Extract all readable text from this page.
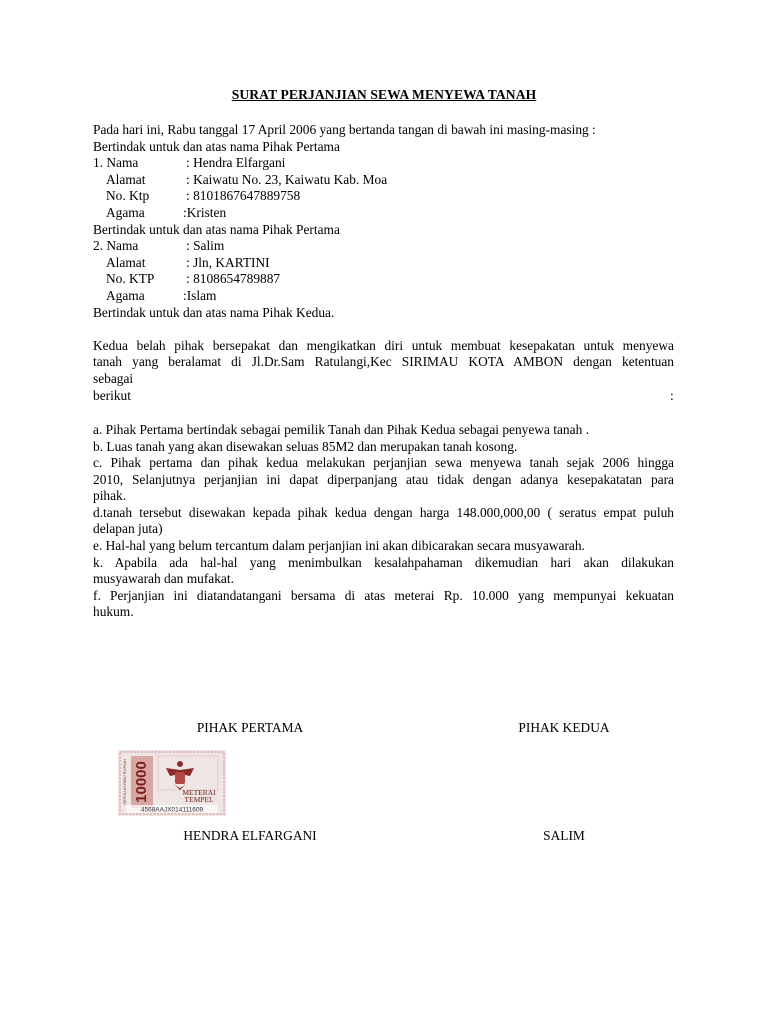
SURAT PERJANJIAN SEWA MENYEWA TANAH
Pada hari ini, Rabu tanggal 17 April 2006 yang bertanda tangan di bawah ini masing-masing :
Bertindak untuk dan atas nama Pihak Pertama
1. Nama	: Hendra Elfargani
Alamat	: Kaiwatu No. 23, Kaiwatu Kab. Moa
No. Ktp	: 8101867647889758
Agama	:Kristen
Bertindak untuk dan atas nama Pihak Pertama
2. Nama	: Salim
Alamat	: Jln, KARTINI
No. KTP : 8108654789887
Agama	:Islam
Bertindak untuk dan atas nama Pihak Kedua.
Kedua belah pihak bersepakat dan mengikatkan diri untuk membuat kesepakatan untuk menyewa
tanah yang beralamat di Jl.Dr.Sam Ratulangi,Kec SIRIMAU KOTA AMBON dengan ketentuan
sebagai
berikut	:
a. Pihak Pertama bertindak sebagai pemilik Tanah dan Pihak Kedua sebagai penyewa tanah .
b. Luas tanah yang akan disewakan seluas 85M2 dan merupakan tanah kosong.
c. Pihak pertama dan pihak kedua melakukan perjanjian sewa menyewa tanah sejak 2006 hingga
2010, Selanjutnya perjanjian ini dapat diperpanjang atau tidak dengan adanya kesepakatatan para
pihak.
d.tanah tersebut disewakan kepada pihak kedua dengan harga 148.000,000,00 ( seratus empat puluh
delapan juta)
e. Hal-hal yang belum tercantum dalam perjanjian ini akan dibicarakan secara musyawarah.
k. Apabila ada hal-hal yang menimbulkan kesalahpahaman dikemudian hari akan dilakukan
musyawarah dan mufakat.
f. Perjanjian ini diatandatangani bersama di atas meterai Rp. 10.000 yang mempunyai kekuatan
hukum.
PIHAK PERTAMA	PIHAK KEDUA
10000
SEPULUH RIBU RUPIAH	METERAI
TEMPEL
4568AAJX014111609
HENDRA ELFARGANI	SALIM
